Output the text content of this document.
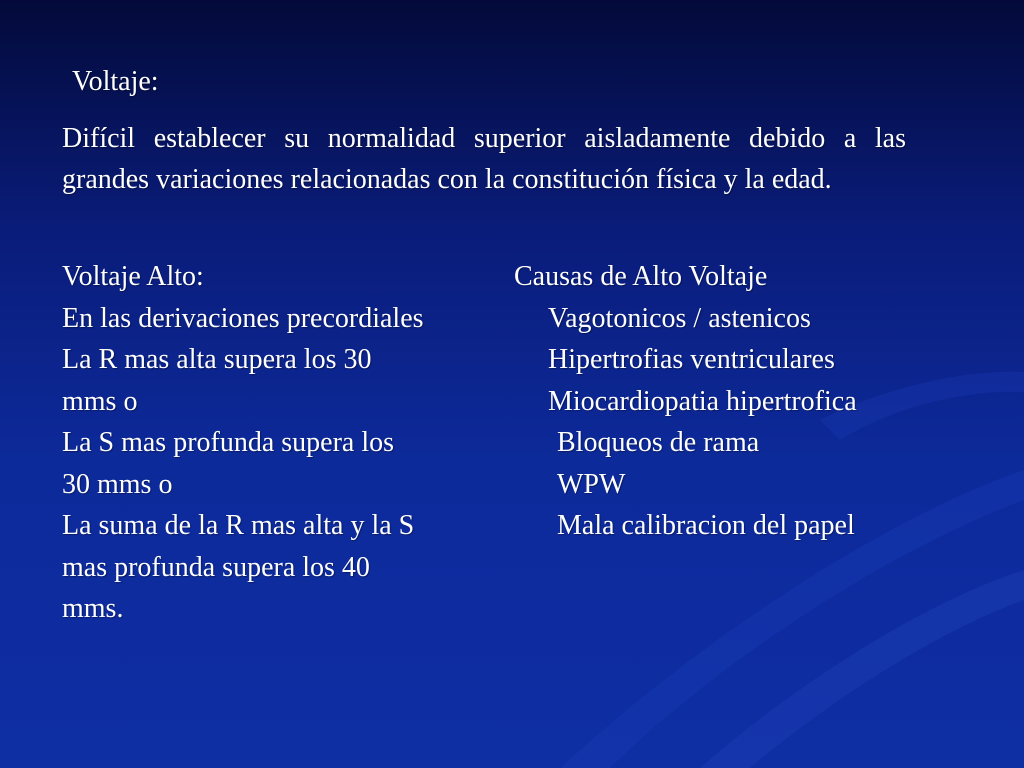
Voltaje:
Difícil establecer su normalidad superior aisladamente debido a las grandes variaciones relacionadas con la constitución física y la edad.
Voltaje Alto:
En las derivaciones precordiales
La R mas alta supera los 30
mms o
La S mas profunda supera los
30 mms o
La suma de la R mas alta y la S
mas profunda supera los 40
mms.
Causas de Alto Voltaje
Vagotonicos / astenicos
Hipertrofias ventriculares
Miocardiopatia hipertrofica
Bloqueos de rama
WPW
Mala calibracion del papel
